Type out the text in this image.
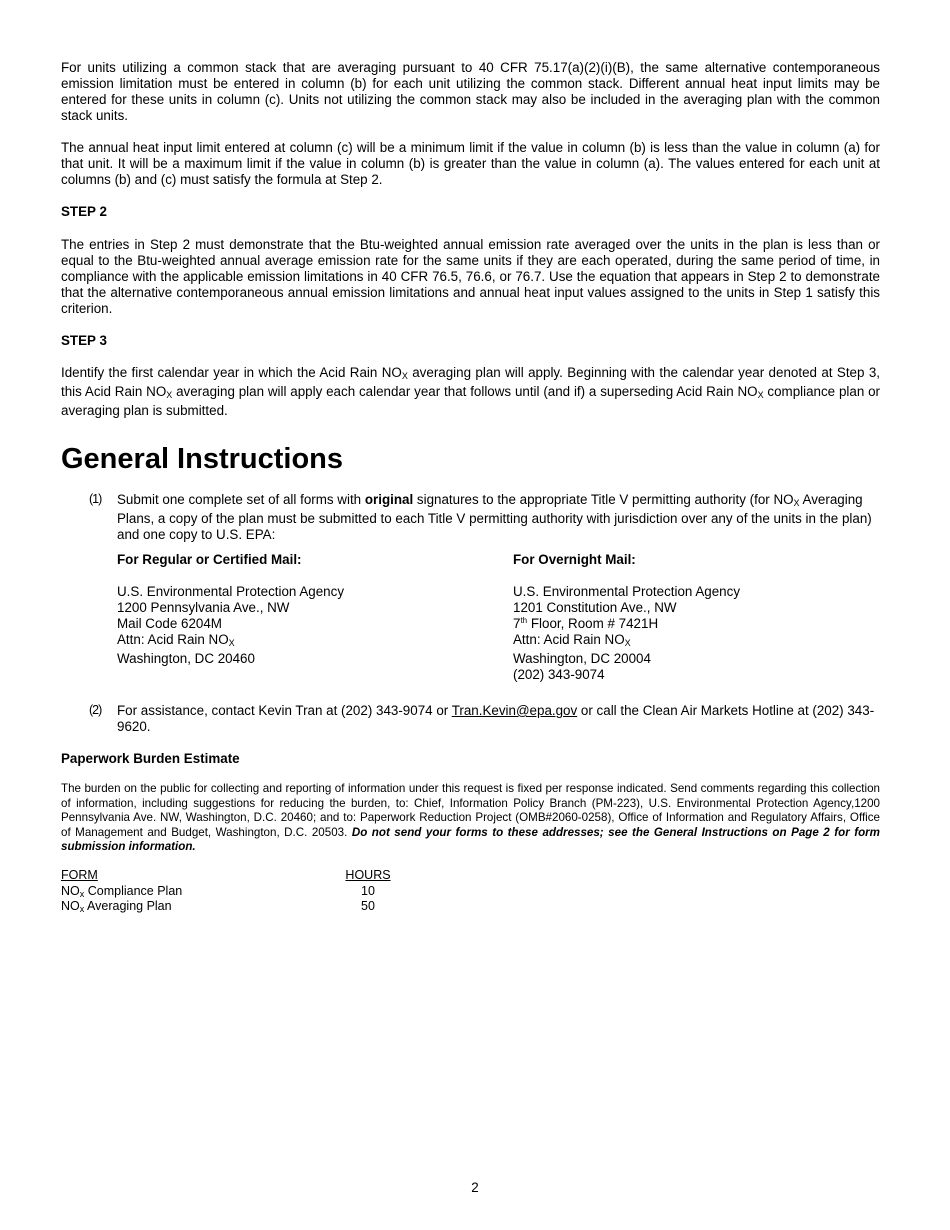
For units utilizing a common stack that are averaging pursuant to 40 CFR 75.17(a)(2)(i)(B), the same alternative contemporaneous emission limitation must be entered in column (b) for each unit utilizing the common stack. Different annual heat input limits may be entered for these units in column (c). Units not utilizing the common stack may also be included in the averaging plan with the common stack units.

The annual heat input limit entered at column (c) will be a minimum limit if the value in column (b) is less than the value in column (a) for that unit. It will be a maximum limit if the value in column (b) is greater than the value in column (a). The values entered for each unit at columns (b) and (c) must satisfy the formula at Step 2.

STEP 2

The entries in Step 2 must demonstrate that the Btu-weighted annual emission rate averaged over the units in the plan is less than or equal to the Btu-weighted annual average emission rate for the same units if they are each operated, during the same period of time, in compliance with the applicable emission limitations in 40 CFR 76.5, 76.6, or 76.7. Use the equation that appears in Step 2 to demonstrate that the alternative contemporaneous annual emission limitations and annual heat input values assigned to the units in Step 1 satisfy this criterion.

STEP 3

Identify the first calendar year in which the Acid Rain $NO_X$ averaging plan will apply. Beginning with the calendar year denoted at Step 3, this Acid Rain $NO_X$ averaging plan will apply each calendar year that follows until (and if) a superseding Acid Rain $NO_X$ compliance plan or averaging plan is submitted.

General Instructions
(1) Submit one complete set of all forms with original signatures to the appropriate Title V permitting authority (for $NO_X$ Averaging Plans, a copy of the plan must be submitted to each Title V permitting authority with jurisdiction over any of the units in the plan) and one copy to U.S. EPA:

For Regular or Certified Mail:
U.S. Environmental Protection Agency
1200 Pennsylvania Ave., NW
Mail Code 6204M
Attn: Acid Rain $NO_X$
Washington, DC 20460
For Overnight Mail:
U.S. Environmental Protection Agency
1201 Constitution Ave., NW
7th Floor, Room # 7421H
Attn: Acid Rain $NO_X$
Washington, DC 20004
(202) 343-9074
(2) For assistance, contact Kevin Tran at (202) 343-9074 or Tran.Kevin@epa.gov or call the Clean Air Markets Hotline at (202) 343-9620.

Paperwork Burden Estimate

The burden on the public for collecting and reporting of information under this request is fixed per response indicated. Send comments regarding this collection of information, including suggestions for reducing the burden, to: Chief, Information Policy Branch (PM-223), U.S. Environmental Protection Agency,1200 Pennsylvania Ave. NW, Washington, D.C. 20460; and to: Paperwork Reduction Project (OMB#2060-0258), Office of Information and Regulatory Affairs, Office of Management and Budget, Washington, D.C. 20503. Do not send your forms to these addresses; see the General Instructions on Page 2 for form submission information.

FORM	HOURS
$NO_x$ Compliance Plan	10
$NO_x$ Averaging Plan	50
2
